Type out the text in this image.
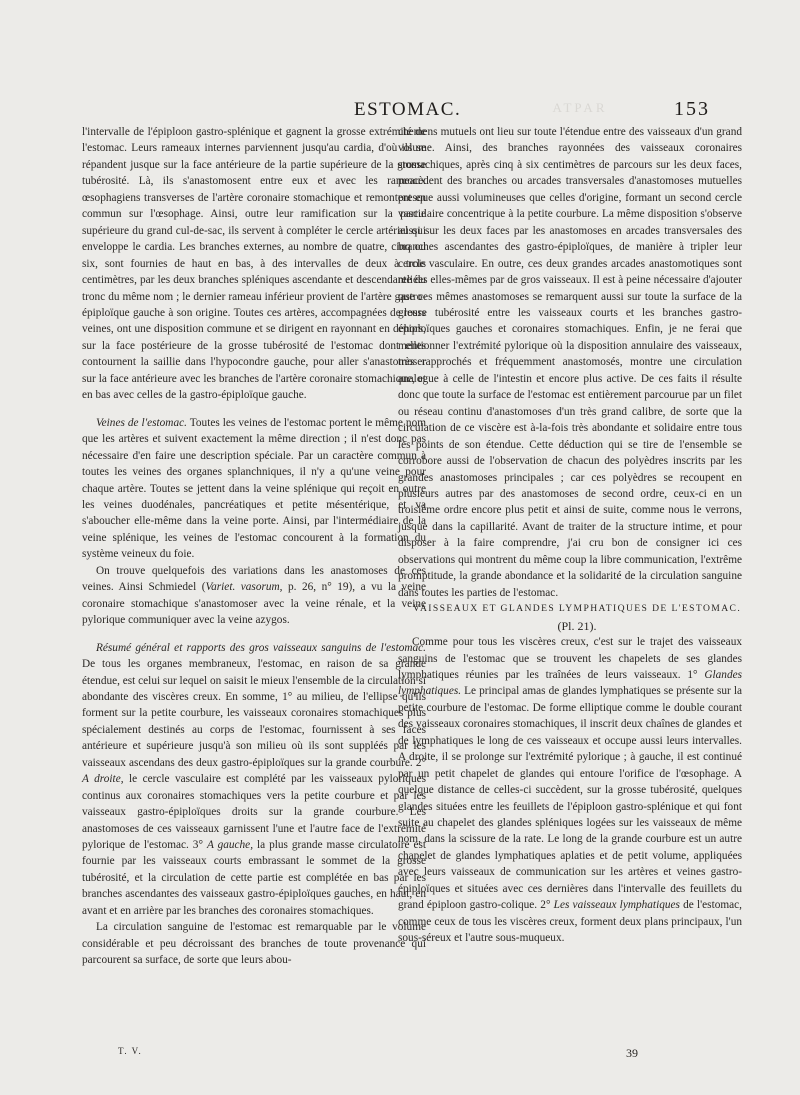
ATPAR
ESTOMAC.	153

l'intervalle de l'épiploon gastro-splénique et gagnent la grosse extrémité de l'estomac. Leurs rameaux internes parviennent jusqu'au cardia, d'où ils se répandent jusque sur la face antérieure de la partie supérieure de la grosse tubérosité. Là, ils s'anastomosent entre eux et avec les rameaux œsophagiens transverses de l'artère coronaire stomachique et remontent en commun sur l'œsophage. Ainsi, outre leur ramification sur la partie supérieure du grand cul-de-sac, ils servent à compléter le cercle artériel qui enveloppe le cardia. Les branches externes, au nombre de quatre, cinq ou six, sont fournies de haut en bas, à des intervalles de deux à trois centimètres, par les deux branches spléniques ascendante et descendante du tronc du même nom ; le dernier rameau inférieur provient de l'artère gastro-épiploïque gauche à son origine. Toutes ces artères, accompagnées de leurs veines, ont une disposition commune et se dirigent en rayonnant en dehors, sur la face postérieure de la grosse tubérosité de l'estomac dont elles contournent la saillie dans l'hypocondre gauche, pour aller s'anastomoser sur la face antérieure avec les branches de l'artère coronaire stomachique, et en bas avec celles de la gastro-épiploïque gauche.

Veines de l'estomac. Toutes les veines de l'estomac portent le même nom que les artères et suivent exactement la même direction ; il n'est donc pas nécessaire d'en faire une description spéciale. Par un caractère commun à toutes les veines des organes splanchniques, il n'y a qu'une veine pour chaque artère. Toutes se jettent dans la veine splénique qui reçoit en outre les veines duodénales, pancréatiques et petite mésentérique, et va s'aboucher elle-même dans la veine porte. Ainsi, par l'intermédiaire de la veine splénique, les veines de l'estomac concourent à la formation du système veineux du foie.

On trouve quelquefois des variations dans les anastomoses de ces veines. Ainsi Schmiedel (Variet. vasorum, p. 26, n° 19), a vu la veine coronaire stomachique s'anastomoser avec la veine rénale, et la veine pylorique communiquer avec la veine azygos.

Résumé général et rapports des gros vaisseaux sanguins de l'estomac. De tous les organes membraneux, l'estomac, en raison de sa grande étendue, est celui sur lequel on saisit le mieux l'ensemble de la circulation si abondante des viscères creux. En somme, 1° au milieu, de l'ellipse qu'ils forment sur la petite courbure, les vaisseaux coronaires stomachiques plus spécialement destinés au corps de l'estomac, fournissent à ses faces antérieure et supérieure jusqu'à son milieu où ils sont suppléés par les vaisseaux ascendans des deux gastro-épiploïques sur la grande courbure. 2° A droite, le cercle vasculaire est complété par les vaisseaux pyloriques continus aux coronaires stomachiques vers la petite courbure et par les vaisseaux gastro-épiploïques droits sur la grande courbure. Les anastomoses de ces vaisseaux garnissent l'une et l'autre face de l'extrémité pylorique de l'estomac. 3° A gauche, la plus grande masse circulatoire est fournie par les vaisseaux courts embrassant le sommet de la grosse tubérosité, et la circulation de cette partie est complétée en bas par les branches ascendantes des vaisseaux gastro-épiploïques gauches, en haut, en avant et en arrière par les branches des coronaires stomachiques.

La circulation sanguine de l'estomac est remarquable par le volume considérable et peu décroissant des branches de toute provenance qui parcourent sa surface, de sorte que leurs abou-

chemens mutuels ont lieu sur toute l'étendue entre des vaisseaux d'un grand volume. Ainsi, des branches rayonnées des vaisseaux coronaires stomachiques, après cinq à six centimètres de parcours sur les deux faces, procèdent des branches ou arcades transversales d'anastomoses mutuelles presque aussi volumineuses que celles d'origine, formant un second cercle vasculaire concentrique à la petite courbure. La même disposition s'observe aussi sur les deux faces par les anastomoses en arcades transversales des branches ascendantes des gastro-épiploïques, de manière à tripler leur cercle vasculaire. En outre, ces deux grandes arcades anastomotiques sont reliées elles-mêmes par de gros vaisseaux. Il est à peine nécessaire d'ajouter que ces mêmes anastomoses se remarquent aussi sur toute la surface de la grosse tubérosité entre les vaisseaux courts et les branches gastro-épiploïques gauches et coronaires stomachiques. Enfin, je ne ferai que mentionner l'extrémité pylorique où la disposition annulaire des vaisseaux, très rapprochés et fréquemment anastomosés, montre une circulation analogue à celle de l'intestin et encore plus active. De ces faits il résulte donc que toute la surface de l'estomac est entièrement parcourue par un filet ou réseau continu d'anastomoses d'un très grand calibre, de sorte que la circulation de ce viscère est à-la-fois très abondante et solidaire entre tous les points de son étendue. Cette déduction qui se tire de l'ensemble se corrobore aussi de l'observation de chacun des polyèdres inscrits par les grandes anastomoses principales ; car ces polyèdres se recoupent en plusieurs autres par des anastomoses de second ordre, ceux-ci en un troisième ordre encore plus petit et ainsi de suite, comme nous le verrons, jusque dans la capillarité. Avant de traiter de la structure intime, et pour disposer à la faire comprendre, j'ai cru bon de consigner ici ces observations qui montrent du même coup la libre communication, l'extrême promptitude, la grande abondance et la solidarité de la circulation sanguine dans toutes les parties de l'estomac.

VAISSEAUX ET GLANDES LYMPHATIQUES DE L'ESTOMAC.

(Pl. 21).

Comme pour tous les viscères creux, c'est sur le trajet des vaisseaux sanguins de l'estomac que se trouvent les chapelets de ses glandes lymphatiques réunies par les traînées de leurs vaisseaux. 1° Glandes lymphatiques. Le principal amas de glandes lymphatiques se présente sur la petite courbure de l'estomac. De forme elliptique comme le double courant des vaisseaux coronaires stomachiques, il inscrit deux chaînes de glandes et de lymphatiques le long de ces vaisseaux et occupe aussi leurs intervalles. A droite, il se prolonge sur l'extrémité pylorique ; à gauche, il est continué par un petit chapelet de glandes qui entoure l'orifice de l'œsophage. A quelque distance de celles-ci succèdent, sur la grosse tubérosité, quelques glandes situées entre les feuillets de l'épiploon gastro-splénique et qui font suite au chapelet des glandes spléniques logées sur les vaisseaux de même nom, dans la scissure de la rate. Le long de la grande courbure est un autre chapelet de glandes lymphatiques aplaties et de petit volume, appliquées avec leurs vaisseaux de communication sur les artères et veines gastro-épiploïques et situées avec ces dernières dans l'intervalle des feuillets du grand épiploon gastro-colique. 2° Les vaisseaux lymphatiques de l'estomac, comme ceux de tous les viscères creux, forment deux plans principaux, l'un sous-séreux et l'autre sous-muqueux.

T. V.	39
